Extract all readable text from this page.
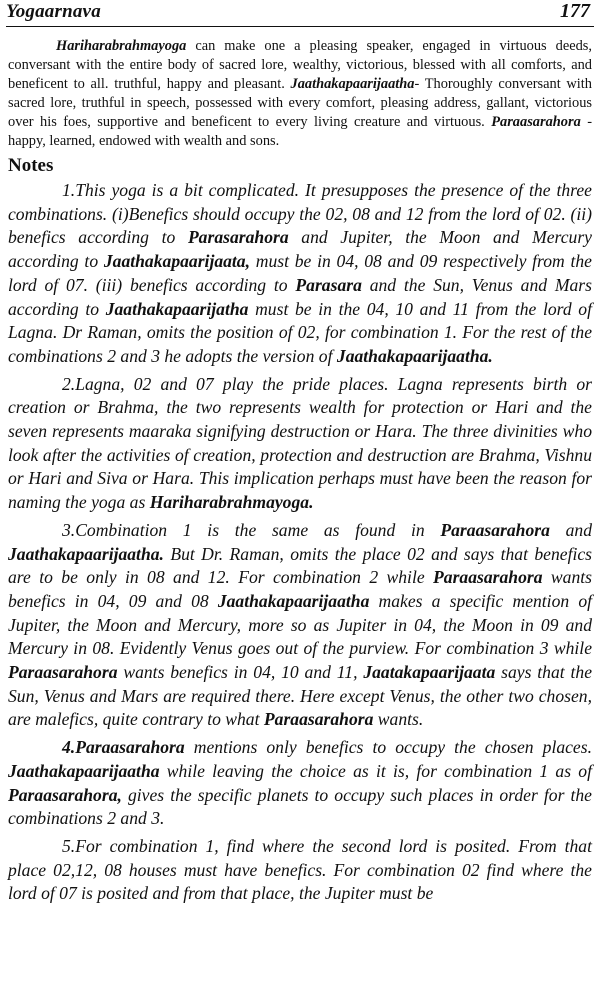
Yogaarnava	177

Hariharabrahmayoga can make one a pleasing speaker, engaged in virtuous deeds, conversant with the entire body of sacred lore, wealthy, victorious, blessed with all comforts, and beneficent to all. truthful, happy and pleasant. Jaathakapaarijaatha- Thoroughly conversant with sacred lore, truthful in speech, possessed with every comfort, pleasing address, gallant, victorious over his foes, supportive and beneficent to every living creature and virtuous. Paraasarahora - happy, learned, endowed with wealth and sons.

Notes

1.This yoga is a bit complicated. It presupposes the presence of the three combinations. (i)Benefics should occupy the 02, 08 and 12 from the lord of 02. (ii) benefics according to Parasarahora and Jupiter, the Moon and Mercury according to Jaathakapaarijaata, must be in 04, 08 and 09 respectively from the lord of 07. (iii) benefics according to Parasara and the Sun, Venus and Mars according to Jaathakapaarijatha must be in the 04, 10 and 11 from the lord of Lagna. Dr Raman, omits the position of 02, for combination 1. For the rest of the combinations 2 and 3 he adopts the version of Jaathakapaarijaatha.

2.Lagna, 02 and 07 play the pride places. Lagna represents birth or creation or Brahma, the two represents wealth for protection or Hari and the seven represents maaraka signifying destruction or Hara. The three divinities who look after the activities of creation, protection and destruction are Brahma, Vishnu or Hari and Siva or Hara. This implication perhaps must have been the reason for naming the yoga as Hariharabrahmayoga.

3.Combination 1 is the same as found in Paraasarahora and Jaathakapaarijaatha. But Dr. Raman, omits the place 02 and says that benefics are to be only in 08 and 12. For combination 2 while Paraasarahora wants benefics in 04, 09 and 08 Jaathakapaarijaatha makes a specific mention of Jupiter, the Moon and Mercury, more so as Jupiter in 04, the Moon in 09 and Mercury in 08. Evidently Venus goes out of the purview. For combination 3 while Paraasarahora wants benefics in 04, 10 and 11, Jaatakapaarijaata says that the Sun, Venus and Mars are required there. Here except Venus, the other two chosen, are malefics, quite contrary to what Paraasarahora wants.

4.Paraasarahora mentions only benefics to occupy the chosen places. Jaathakapaarijaatha while leaving the choice as it is, for combination 1 as of Paraasarahora, gives the specific planets to occupy such places in order for the combinations 2 and 3.

5.For combination 1, find where the second lord is posited. From that place 02,12, 08 houses must have benefics. For combination 02 find where the lord of 07 is posited and from that place, the Jupiter must be
